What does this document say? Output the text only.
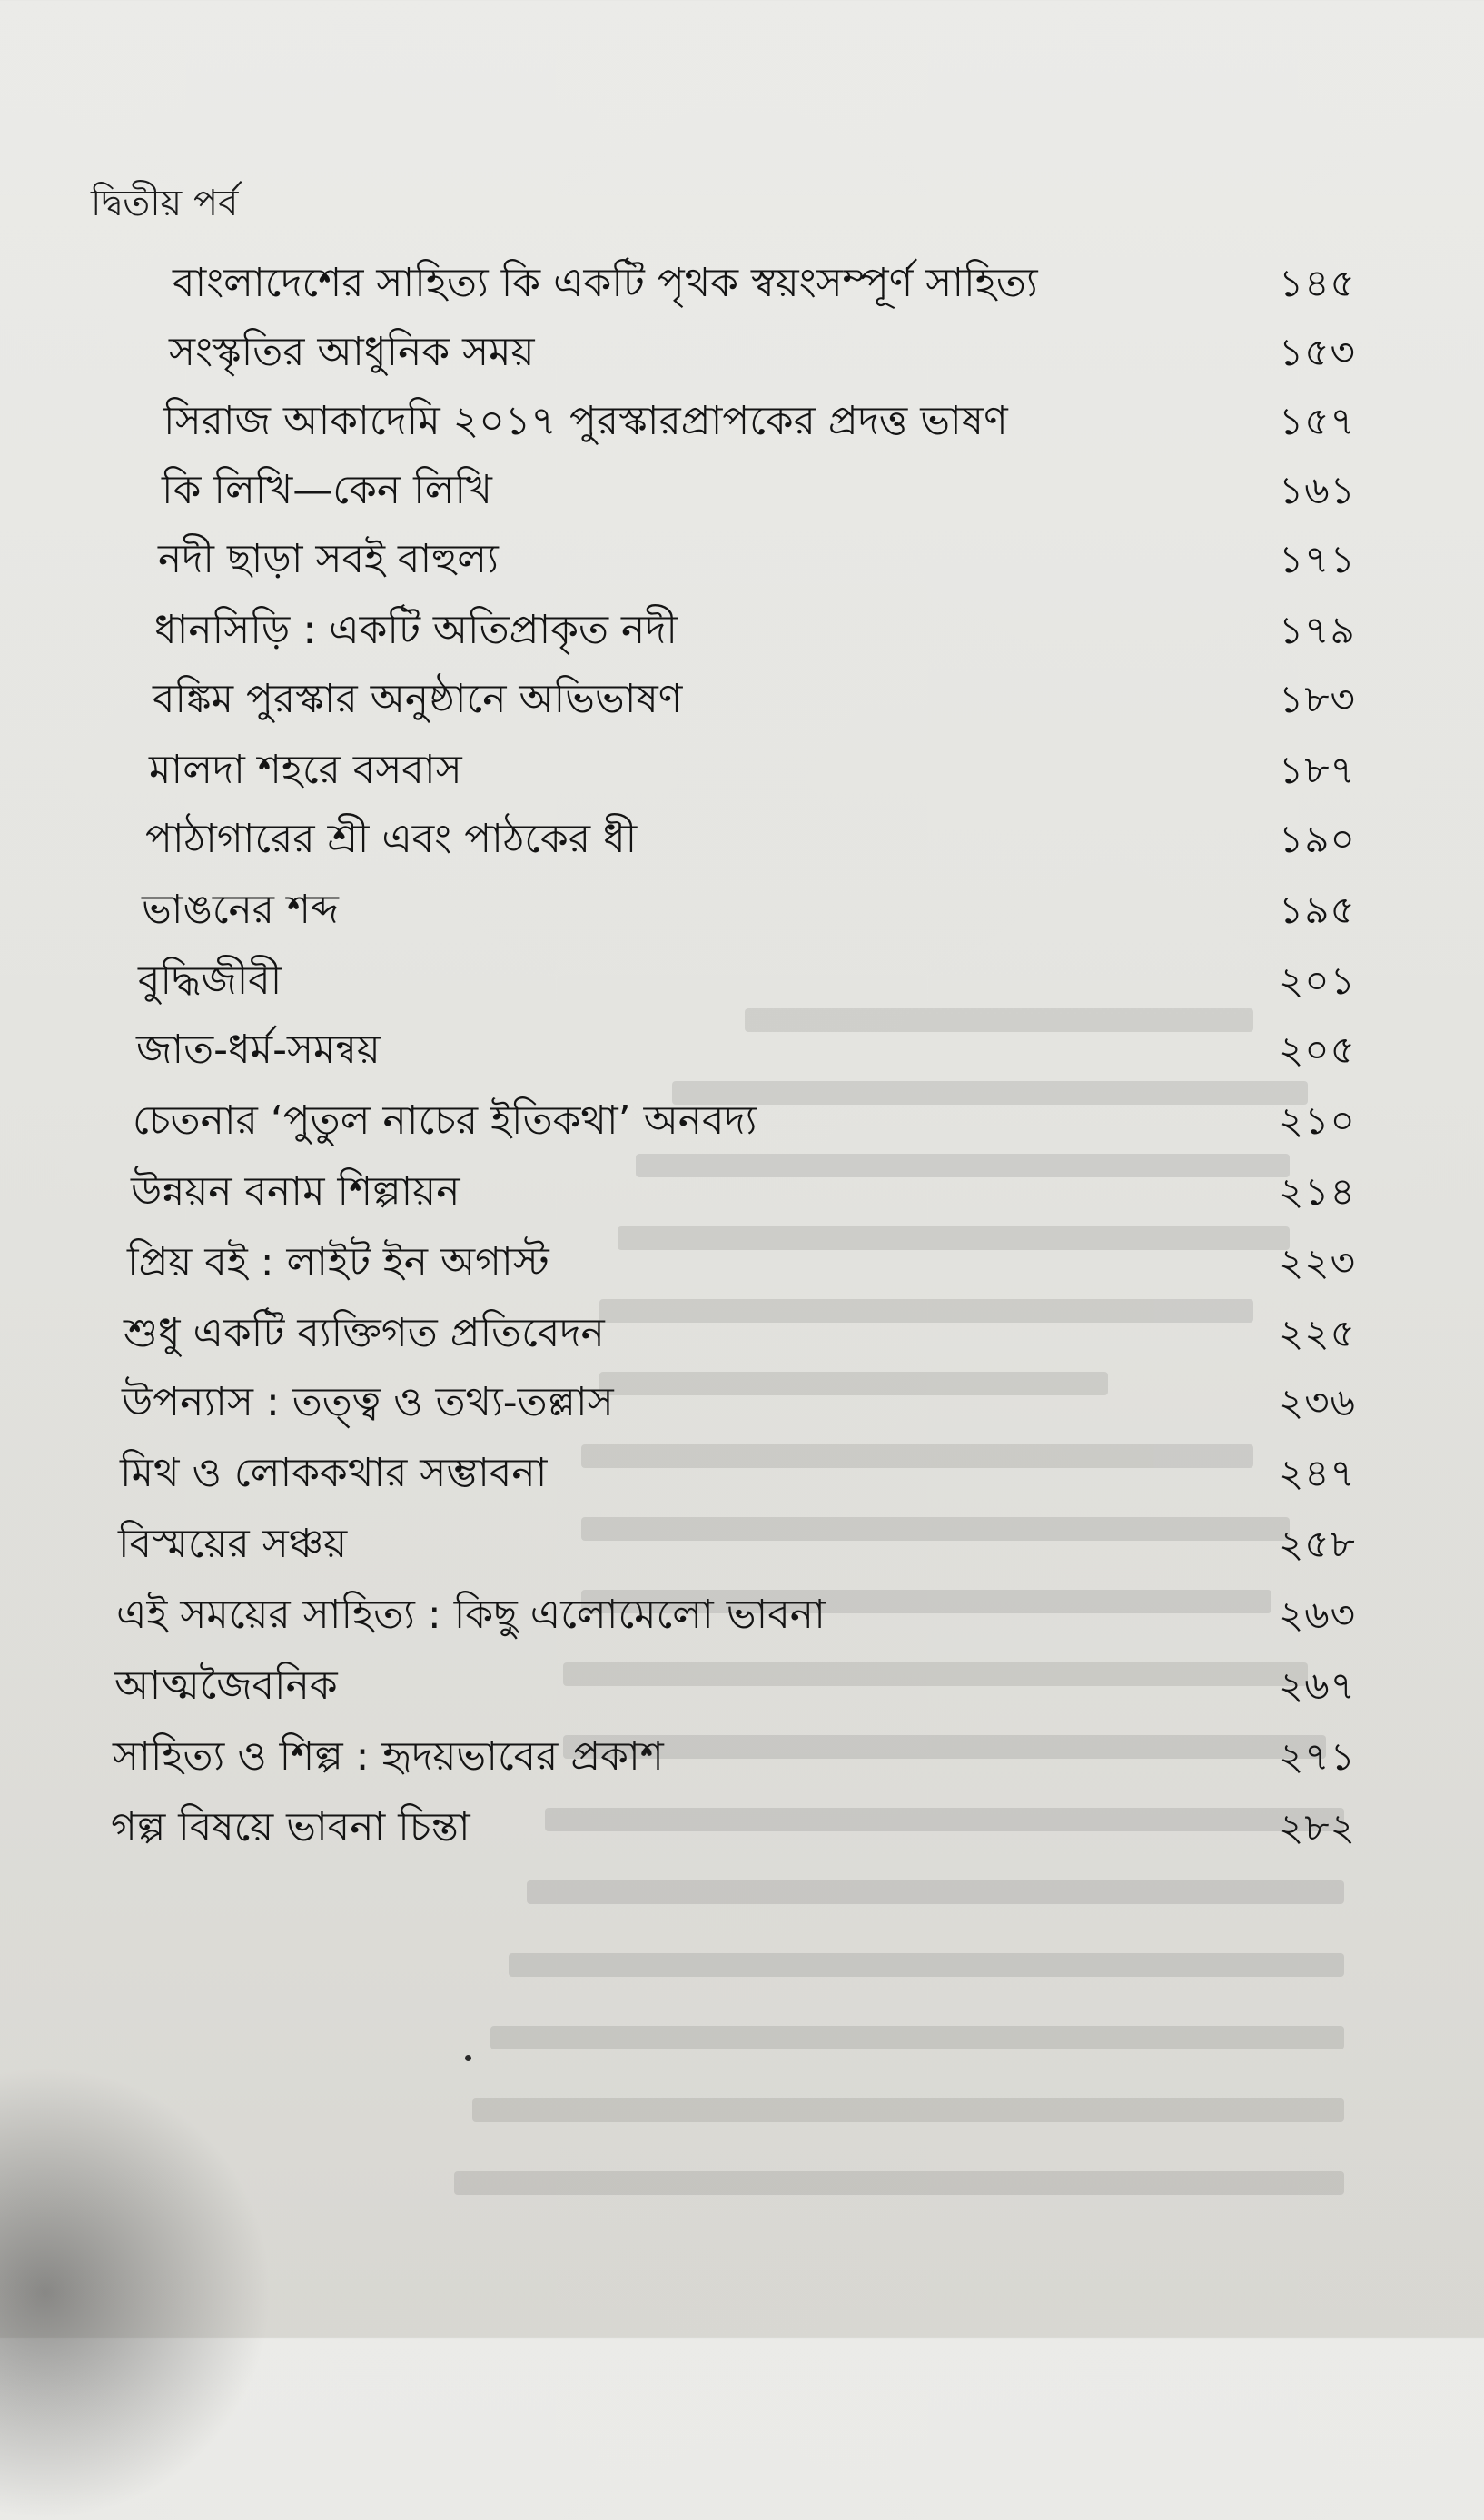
দ্বিতীয় পর্ব
বাংলাদেশের সাহিত্য কি একটি পৃথক স্বয়ংসম্পূর্ণ সাহিত্য	১৪৫
সংস্কৃতির আধুনিক সময়	১৫৩
সিরাজ আকাদেমি ২০১৭ পুরস্কারপ্রাপকের প্রদত্ত ভাষণ	১৫৭
কি লিখি—কেন লিখি	১৬১
নদী ছাড়া সবই বাহুল্য	১৭১
ধানসিড়ি : একটি অতিপ্রাকৃত নদী	১৭৯
বঙ্কিম পুরস্কার অনুষ্ঠানে অভিভাষণ	১৮৩
মালদা শহরে বসবাস	১৮৭
পাঠাগারের শ্রী এবং পাঠকের ধী	১৯০
ভাঙনের শব্দ	১৯৫
বুদ্ধিজীবী	২০১
জাত-ধর্ম-সমন্বয়	২০৫
চেতনার ‘পুতুল নাচের ইতিকথা’ অনবদ্য	২১০
উন্নয়ন বনাম শিল্পায়ন	২১৪
প্রিয় বই : লাইট ইন অগাস্ট	২২৩
শুধু একটি ব্যক্তিগত প্রতিবেদন	২২৫
উপন্যাস : তত্ত্ব ও তথ্য-তল্লাস	২৩৬
মিথ ও লোককথার সম্ভাবনা	২৪৭
বিস্ময়ের সঞ্চয়	২৫৮
এই সময়ের সাহিত্য : কিছু এলোমেলো ভাবনা	২৬৩
আত্মজৈবনিক	২৬৭
সাহিত্য ও শিল্প : হৃদয়ভাবের প্রকাশ	২৭১
গল্প বিষয়ে ভাবনা চিন্তা	২৮২
